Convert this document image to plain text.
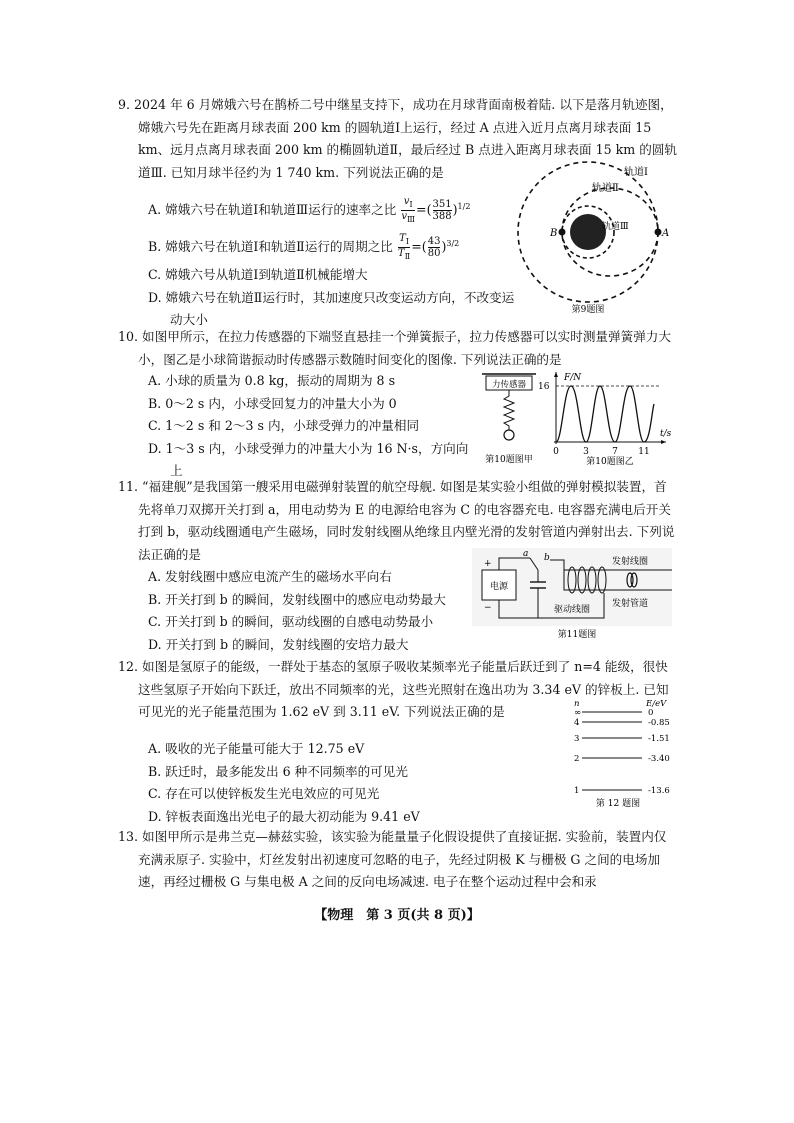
9. 2024 年 6 月嫦娥六号在鹊桥二号中继星支持下，成功在月球背面南极着陆. 以下是落月轨迹图，嫦娥六号先在距离月球表面 200 km 的圆轨道Ⅰ上运行，经过 A 点进入近月点离月球表面 15 km、远月点离月球表面 200 km 的椭圆轨道Ⅱ，最后经过 B 点进入距离月球表面 15 km 的圆轨道Ⅲ. 已知月球半径约为 1 740 km. 下列说法正确的是

A. 嫦娥六号在轨道Ⅰ和轨道Ⅲ运行的速率之比 $\frac{v_Ⅰ}{v_Ⅲ}$ =( $\frac{351}{388} )^{1/2}$

B. 嫦娥六号在轨道Ⅰ和轨道Ⅱ运行的周期之比 $\frac{T_Ⅰ}{T_Ⅱ}$ =( $\frac{43}{80} )^{3/2}$

C. 嫦娥六号从轨道Ⅰ到轨道Ⅱ机械能增大

D. 嫦娥六号在轨道Ⅱ运行时，其加速度只改变运动方向，不改变运动大小

轨道Ⅰ
轨道Ⅱ
轨道Ⅲ
A
B
第9题图

10. 如图甲所示，在拉力传感器的下端竖直悬挂一个弹簧振子，拉力传感器可以实时测量弹簧弹力大小，图乙是小球简谐振动时传感器示数随时间变化的图像. 下列说法正确的是

A. 小球的质量为 0.8 kg，振动的周期为 8 s

B. 0～2 s 内，小球受回复力的冲量大小为 0

C. 1～2 s 和 2～3 s 内，小球受弹力的冲量相同

D. 1～3 s 内，小球受弹力的冲量大小为 16 N·s，方向向上

力传感器
第10题图甲
F/N
t/s
16
0	3	7 11
第10题图乙

11. “福建舰”是我国第一艘采用电磁弹射装置的航空母舰. 如图是某实验小组做的弹射模拟装置，首先将单刀双掷开关打到 a，用电动势为 E 的电源给电容为 C 的电容器充电. 电容器充满电后开关打到 b，驱动线圈通电产生磁场，同时发射线圈从绝缘且内壁光滑的发射管道内弹射出去. 下列说法正确的是

A. 发射线圈中感应电流产生的磁场水平向右

B. 开关打到 b 的瞬间，发射线圈中的感应电动势最大

C. 开关打到 b 的瞬间，驱动线圈的自感电动势最小

D. 开关打到 b 的瞬间，发射线圈的安培力最大

电源
+
−
a b	发射线圈
发射管道
驱动线圈
第11题图

12. 如图是氢原子的能级，一群处于基态的氢原子吸收某频率光子能量后跃迁到了 n=4 能级，很快这些氢原子开始向下跃迁，放出不同频率的光，这些光照射在逸出功为 3.34 eV 的锌板上. 已知可见光的光子能量范围为 1.62 eV 到 3.11 eV. 下列说法正确的是

A. 吸收的光子能量可能大于 12.75 eV

B. 跃迁时，最多能发出 6 种不同频率的可见光

C. 存在可以使锌板发生光电效应的可见光

D. 锌板表面逸出光电子的最大初动能为 9.41 eV

n	E/eV
∞	0
4	-0.85
3	-1.51
2	-3.40
1	-13.6
第 12 题图

13. 如图甲所示是弗兰克—赫兹实验，该实验为能量量子化假设提供了直接证据. 实验前，装置内仅充满汞原子. 实验中，灯丝发射出初速度可忽略的电子，先经过阴极 K 与栅极 G 之间的电场加速，再经过栅极 G 与集电极 A 之间的反向电场减速. 电子在整个运动过程中会和汞

【物理　第 3 页(共 8 页)】
